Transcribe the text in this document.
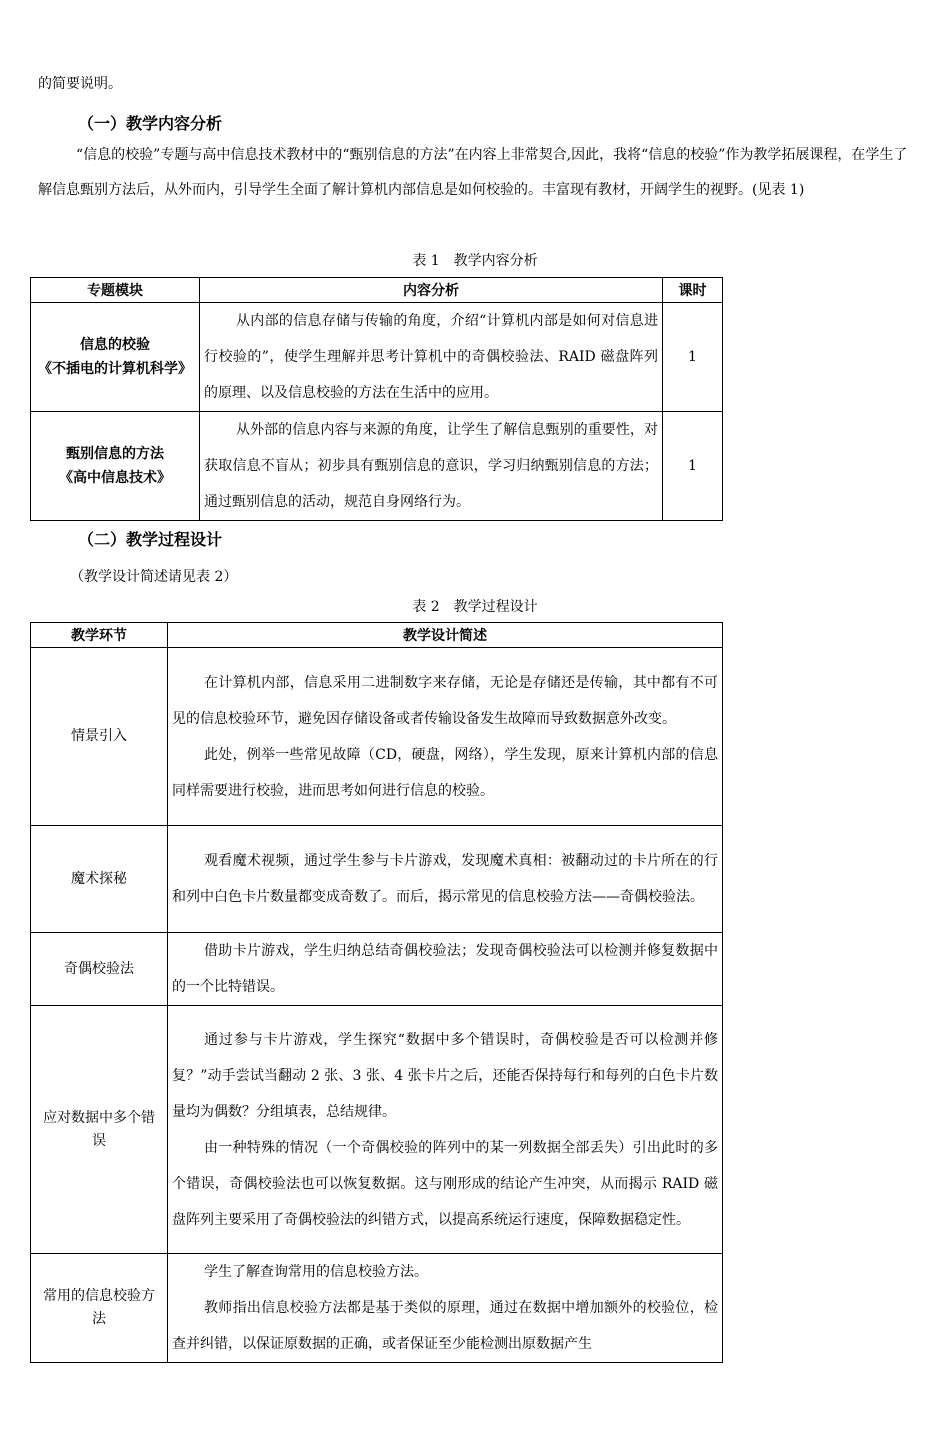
的简要说明。
（一）教学内容分析
“信息的校验”专题与高中信息技术教材中的“甄别信息的方法”在内容上非常契合,因此，我将“信息的校验”作为教学拓展课程，在学生了解信息甄别方法后，从外而内，引导学生全面了解计算机内部信息是如何校验的。丰富现有教材，开阔学生的视野。(见表 1)
表 1　教学内容分析
专题模块	内容分析	课时

信息的校验
《不插电的计算机科学》	从内部的信息存储与传输的角度，介绍“计算机内部是如何对信息进行校验的”，使学生理解并思考计算机中的奇偶校验法、RAID 磁盘阵列的原理、以及信息校验的方法在生活中的应用。	1

甄别信息的方法
《高中信息技术》	从外部的信息内容与来源的角度，让学生了解信息甄别的重要性，对获取信息不盲从；初步具有甄别信息的意识，学习归纳甄别信息的方法；通过甄别信息的活动，规范自身网络行为。	1
（二）教学过程设计
（教学设计简述请见表 2）
表 2　教学过程设计
教学环节	教学设计简述
情景引入	在计算机内部，信息采用二进制数字来存储，无论是存储还是传输，其中都有不可见的信息校验环节，避免因存储设备或者传输设备发生故障而导致数据意外改变。

此处，例举一些常见故障（CD，硬盘，网络），学生发现，原来计算机内部的信息同样需要进行校验，进而思考如何进行信息的校验。

魔术探秘	观看魔术视频，通过学生参与卡片游戏，发现魔术真相：被翻动过的卡片所在的行和列中白色卡片数量都变成奇数了。而后，揭示常见的信息校验方法——奇偶校验法。

奇偶校验法	借助卡片游戏，学生归纳总结奇偶校验法；发现奇偶校验法可以检测并修复数据中的一个比特错误。

应对数据中多个错误	通过参与卡片游戏，学生探究“数据中多个错误时，奇偶校验是否可以检测并修复？”动手尝试当翻动 2 张、3 张、4 张卡片之后，还能否保持每行和每列的白色卡片数量均为偶数？分组填表，总结规律。

由一种特殊的情况（一个奇偶校验的阵列中的某一列数据全部丢失）引出此时的多个错误，奇偶校验法也可以恢复数据。这与刚形成的结论产生冲突，从而揭示 RAID 磁盘阵列主要采用了奇偶校验法的纠错方式，以提高系统运行速度，保障数据稳定性。

常用的信息校验方法	学生了解查询常用的信息校验方法。

教师指出信息校验方法都是基于类似的原理，通过在数据中增加额外的校验位，检查并纠错，以保证原数据的正确，或者保证至少能检测出原数据产生
